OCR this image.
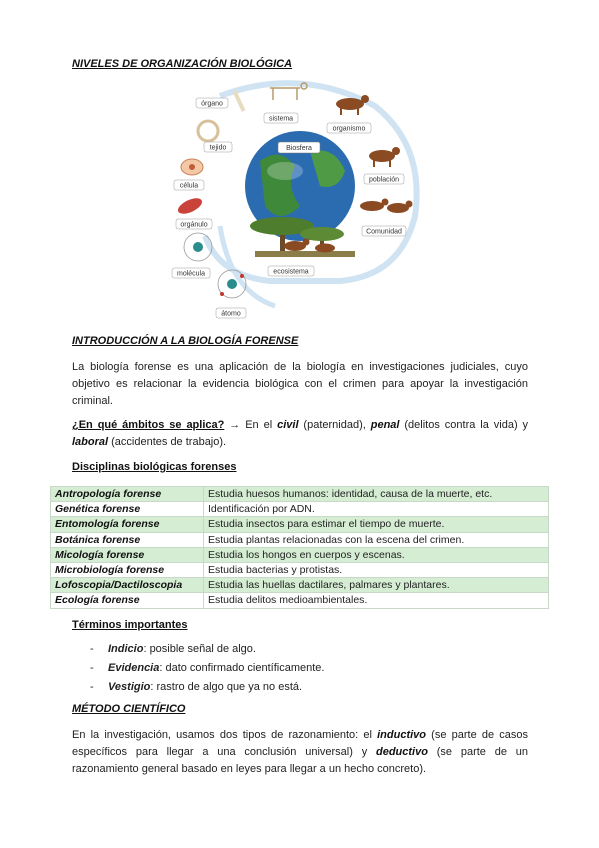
NIVELES DE ORGANIZACIÓN BIOLÓGICA
Biosfera
órgano
sistema
organismo
tejido
población
célula
Comunidad
orgánulo
molécula	ecosistema
átomo
INTRODUCCIÓN A LA BIOLOGÍA FORENSE
La biología forense es una aplicación de la biología en investigaciones judiciales, cuyo objetivo es relacionar la evidencia biológica con el crimen para apoyar la investigación criminal.
¿En qué ámbitos se aplica? → En el civil (paternidad), penal (delitos contra la vida) y laboral (accidentes de trabajo).
Disciplinas biológicas forenses
Antropología forense	Estudia huesos humanos: identidad, causa de la muerte, etc.
Genética forense	Identificación por ADN.
Entomología forense	Estudia insectos para estimar el tiempo de muerte.
Botánica forense	Estudia plantas relacionadas con la escena del crimen.
Micología forense	Estudia los hongos en cuerpos y escenas.
Microbiología forense	Estudia bacterias y protistas.
Lofoscopia/Dactiloscopia	Estudia las huellas dactilares, palmares y plantares.
Ecología forense	Estudia delitos medioambientales.
Términos importantes
- Indicio: posible señal de algo.
- Evidencia: dato confirmado científicamente.
- Vestigio: rastro de algo que ya no está.
MÉTODO CIENTÍFICO
En la investigación, usamos dos tipos de razonamiento: el inductivo (se parte de casos específicos para llegar a una conclusión universal) y deductivo (se parte de un razonamiento general basado en leyes para llegar a un hecho concreto).
